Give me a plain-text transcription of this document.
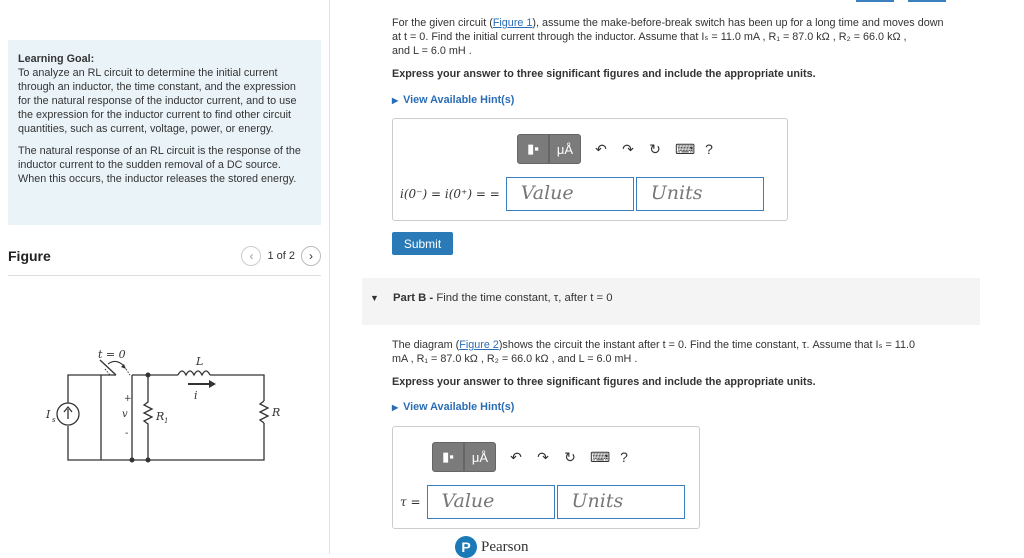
Learning Goal:
To analyze an RL circuit to determine the initial current through an inductor, the time constant, and the expression for the natural response of the inductor current, and to use the expression for the inductor current to find other circuit quantities, such as current, voltage, power, or energy.

The natural response of an RL circuit is the response of the inductor current to the sudden removal of a DC source. When this occurs, the inductor releases the stored energy.

Figure	‹ 1 of 2 ›
t = 0
L
i
I s
+
v
-
R 1
R
For the given circuit (Figure 1), assume the make-before-break switch has been up for a long time and moves down
at t = 0. Find the initial current through the inductor. Assume that Iₛ = 11.0 mA , R₁ = 87.0 kΩ , R₂ = 66.0 kΩ ,
and L = 6.0 mH .
Express your answer to three significant figures and include the appropriate units.
▶ View Available Hint(s)
▮▪ μÅ ↶ ↷ ↻ ⌨ ?
i(0⁻) = i(0⁺) = =	Value	Units
Submit
▼ Part B - Find the time constant, τ, after t = 0
The diagram (Figure 2)shows the circuit the instant after t = 0. Find the time constant, τ. Assume that Iₛ = 11.0
mA , R₁ = 87.0 kΩ , R₂ = 66.0 kΩ , and L = 6.0 mH .
Express your answer to three significant figures and include the appropriate units.
▶ View Available Hint(s)
▮▪ μÅ ↶ ↷ ↻ ⌨ ?
τ =	Value	Units
P Pearson
